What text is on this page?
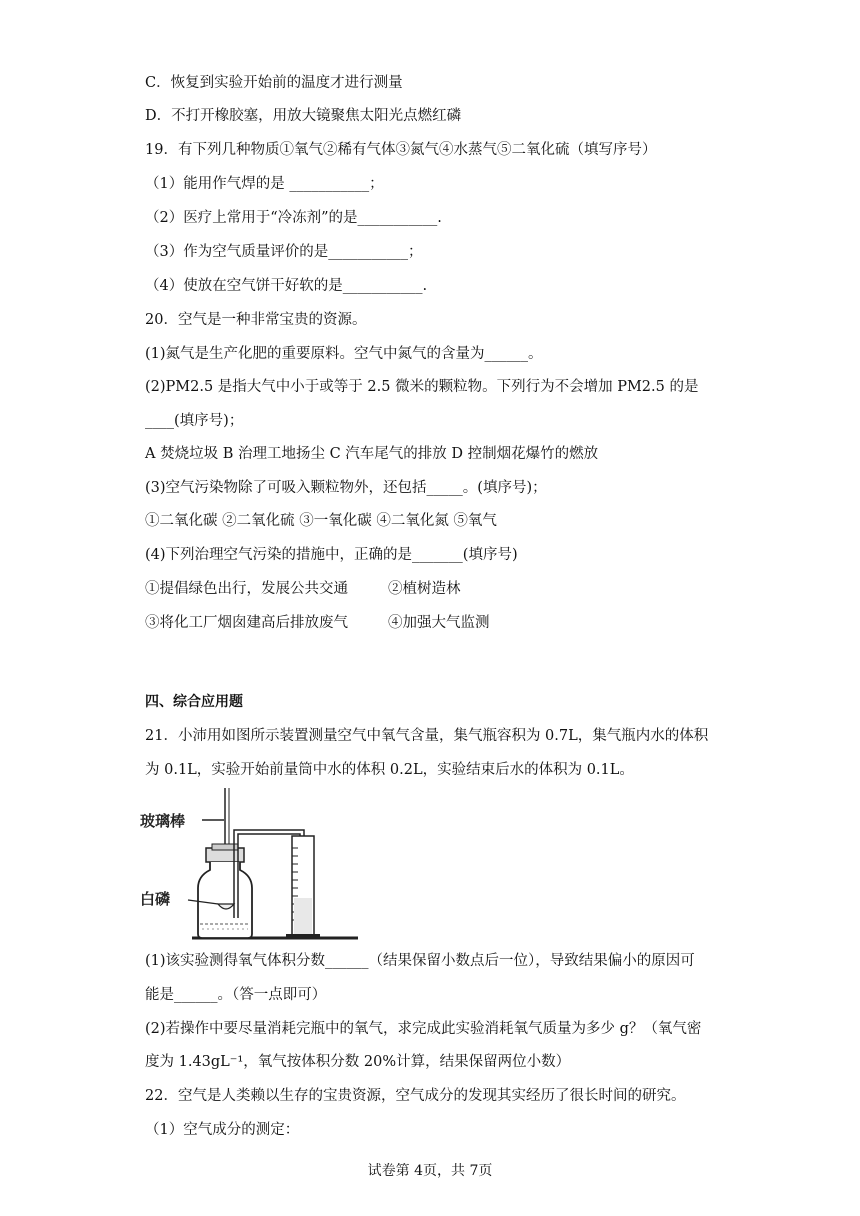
C．恢复到实验开始前的温度才进行测量
D．不打开橡胶塞，用放大镜聚焦太阳光点燃红磷
19．有下列几种物质①氧气②稀有气体③氮气④水蒸气⑤二氧化硫（填写序号）
（1）能用作气焊的是 ___________；
（2）医疗上常用于“冷冻剂”的是___________.
（3）作为空气质量评价的是___________；
（4）使放在空气饼干好软的是___________.
20．空气是一种非常宝贵的资源。
(1)氮气是生产化肥的重要原料。空气中氮气的含量为______。
(2)PM2.5 是指大气中小于或等于 2.5 微米的颗粒物。下列行为不会增加 PM2.5 的是
____(填序号)；
A 焚烧垃圾 B 治理工地扬尘 C 汽车尾气的排放 D 控制烟花爆竹的燃放
(3)空气污染物除了可吸入颗粒物外，还包括_____。(填序号)；
①二氧化碳 ②二氧化硫 ③一氧化碳 ④二氧化氮 ⑤氧气
(4)下列治理空气污染的措施中，正确的是_______(填序号)
①提倡绿色出行，发展公共交通	②植树造林
③将化工厂烟囱建高后排放废气	④加强大气监测
四、综合应用题
21．小沛用如图所示装置测量空气中氧气含量，集气瓶容积为 0.7L，集气瓶内水的体积
为 0.1L，实验开始前量筒中水的体积 0.2L，实验结束后水的体积为 0.1L。
玻璃棒
白磷
(1)该实验测得氧气体积分数______（结果保留小数点后一位），导致结果偏小的原因可
能是______。（答一点即可）
(2)若操作中要尽量消耗完瓶中的氧气，求完成此实验消耗氧气质量为多少 g？（氧气密
度为 1.43gL⁻¹，氧气按体积分数 20%计算，结果保留两位小数）
22．空气是人类赖以生存的宝贵资源，空气成分的发现其实经历了很长时间的研究。
（1）空气成分的测定：
试卷第 4页，共 7页
